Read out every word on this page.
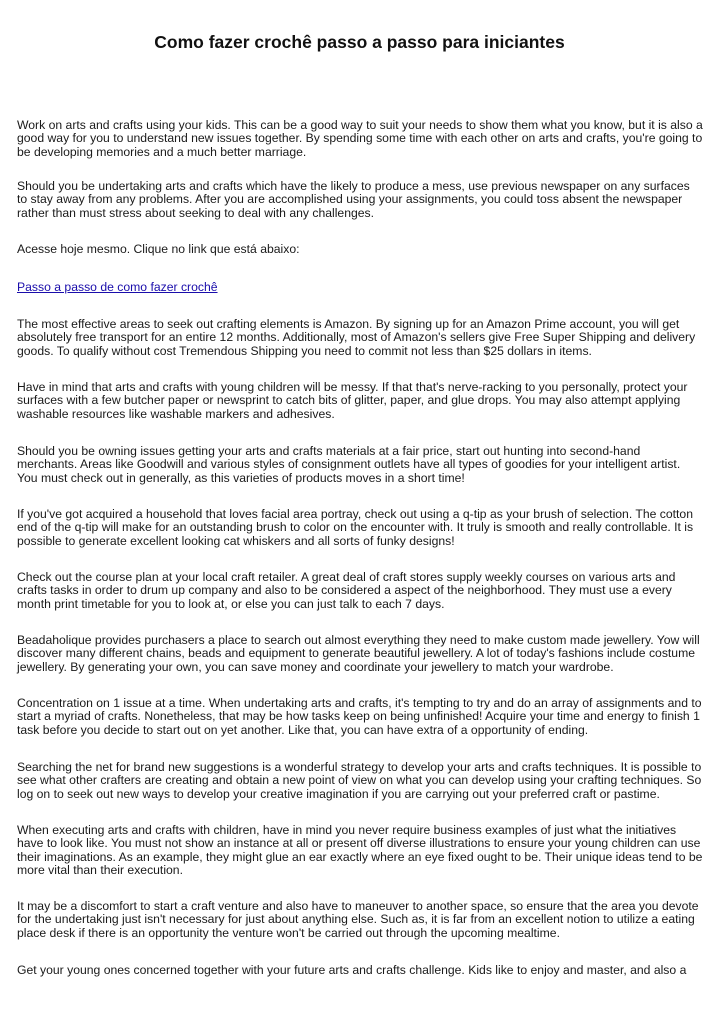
Como fazer crochê passo a passo para iniciantes

Work on arts and crafts using your kids. This can be a good way to suit your needs to show them what you know, but it is also a good way for you to understand new issues together. By spending some time with each other on arts and crafts, you're going to be developing memories and a much better marriage.

Should you be undertaking arts and crafts which have the likely to produce a mess, use previous newspaper on any surfaces to stay away from any problems. After you are accomplished using your assignments, you could toss absent the newspaper rather than must stress about seeking to deal with any challenges.

Acesse hoje mesmo. Clique no link que está abaixo:

Passo a passo de como fazer crochê

The most effective areas to seek out crafting elements is Amazon. By signing up for an Amazon Prime account, you will get absolutely free transport for an entire 12 months. Additionally, most of Amazon's sellers give Free Super Shipping and delivery goods. To qualify without cost Tremendous Shipping you need to commit not less than $25 dollars in items.

Have in mind that arts and crafts with young children will be messy. If that that's nerve-racking to you personally, protect your surfaces with a few butcher paper or newsprint to catch bits of glitter, paper, and glue drops. You may also attempt applying washable resources like washable markers and adhesives.

Should you be owning issues getting your arts and crafts materials at a fair price, start out hunting into second-hand merchants. Areas like Goodwill and various styles of consignment outlets have all types of goodies for your intelligent artist. You must check out in generally, as this varieties of products moves in a short time!

If you've got acquired a household that loves facial area portray, check out using a q-tip as your brush of selection. The cotton end of the q-tip will make for an outstanding brush to color on the encounter with. It truly is smooth and really controllable. It is possible to generate excellent looking cat whiskers and all sorts of funky designs!

Check out the course plan at your local craft retailer. A great deal of craft stores supply weekly courses on various arts and crafts tasks in order to drum up company and also to be considered a aspect of the neighborhood. They must use a every month print timetable for you to look at, or else you can just talk to each 7 days.

Beadaholique provides purchasers a place to search out almost everything they need to make custom made jewellery. Yow will discover many different chains, beads and equipment to generate beautiful jewellery. A lot of today's fashions include costume jewellery. By generating your own, you can save money and coordinate your jewellery to match your wardrobe.

Concentration on 1 issue at a time. When undertaking arts and crafts, it's tempting to try and do an array of assignments and to start a myriad of crafts. Nonetheless, that may be how tasks keep on being unfinished! Acquire your time and energy to finish 1 task before you decide to start out on yet another. Like that, you can have extra of a opportunity of ending.

Searching the net for brand new suggestions is a wonderful strategy to develop your arts and crafts techniques. It is possible to see what other crafters are creating and obtain a new point of view on what you can develop using your crafting techniques. So log on to seek out new ways to develop your creative imagination if you are carrying out your preferred craft or pastime.

When executing arts and crafts with children, have in mind you never require business examples of just what the initiatives have to look like. You must not show an instance at all or present off diverse illustrations to ensure your young children can use their imaginations. As an example, they might glue an ear exactly where an eye fixed ought to be. Their unique ideas tend to be more vital than their execution.

It may be a discomfort to start a craft venture and also have to maneuver to another space, so ensure that the area you devote for the undertaking just isn't necessary for just about anything else. Such as, it is far from an excellent notion to utilize a eating place desk if there is an opportunity the venture won't be carried out through the upcoming mealtime.

Get your young ones concerned together with your future arts and crafts challenge. Kids like to enjoy and master, and also a
